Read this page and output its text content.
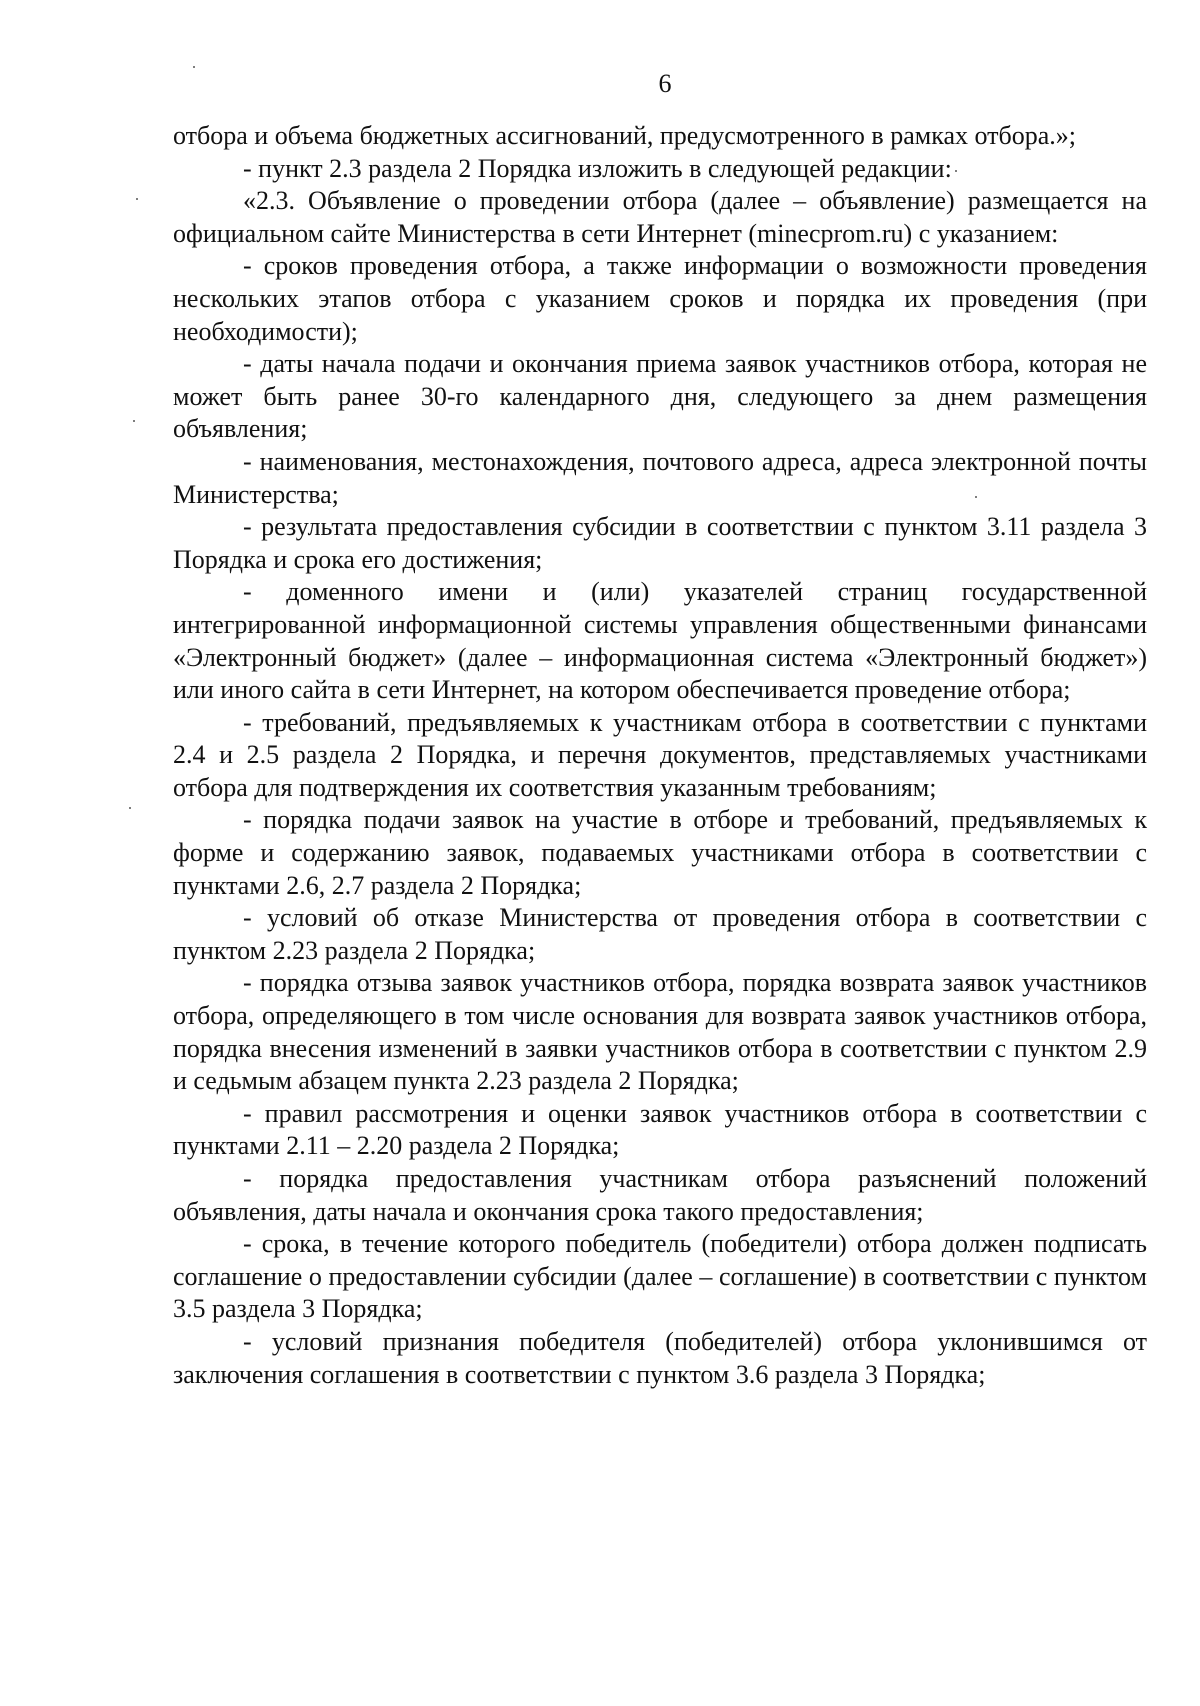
6

отбора и объема бюджетных ассигнований, предусмотренного в рамках отбора.»;

- пункт 2.3 раздела 2 Порядка изложить в следующей редакции:

«2.3. Объявление о проведении отбора (далее – объявление) размещается на официальном сайте Министерства в сети Интернет (minecprom.ru) с указанием:

- сроков проведения отбора, а также информации о возможности проведения нескольких этапов отбора с указанием сроков и порядка их проведения (при необходимости);

- даты начала подачи и окончания приема заявок участников отбора, которая не может быть ранее 30-го календарного дня, следующего за днем размещения объявления;

- наименования, местонахождения, почтового адреса, адреса электронной почты Министерства;

- результата предоставления субсидии в соответствии с пунктом 3.11 раздела 3 Порядка и срока его достижения;

- доменного имени и (или) указателей страниц государственной интегрированной информационной системы управления общественными финансами «Электронный бюджет» (далее – информационная система «Электронный бюджет») или иного сайта в сети Интернет, на котором обеспечивается проведение отбора;

- требований, предъявляемых к участникам отбора в соответствии с пунктами 2.4 и 2.5 раздела 2 Порядка, и перечня документов, представляемых участниками отбора для подтверждения их соответствия указанным требованиям;

- порядка подачи заявок на участие в отборе и требований, предъявляемых к форме и содержанию заявок, подаваемых участниками отбора в соответствии с пунктами 2.6, 2.7 раздела 2 Порядка;

- условий об отказе Министерства от проведения отбора в соответствии с пунктом 2.23 раздела 2 Порядка;

- порядка отзыва заявок участников отбора, порядка возврата заявок участников отбора, определяющего в том числе основания для возврата заявок участников отбора, порядка внесения изменений в заявки участников отбора в соответствии с пунктом 2.9 и седьмым абзацем пункта 2.23 раздела 2 Порядка;

- правил рассмотрения и оценки заявок участников отбора в соответствии с пунктами 2.11 – 2.20 раздела 2 Порядка;

- порядка предоставления участникам отбора разъяснений положений объявления, даты начала и окончания срока такого предоставления;

- срока, в течение которого победитель (победители) отбора должен подписать соглашение о предоставлении субсидии (далее – соглашение) в соответствии с пунктом 3.5 раздела 3 Порядка;

- условий признания победителя (победителей) отбора уклонившимся от заключения соглашения в соответствии с пунктом 3.6 раздела 3 Порядка;
